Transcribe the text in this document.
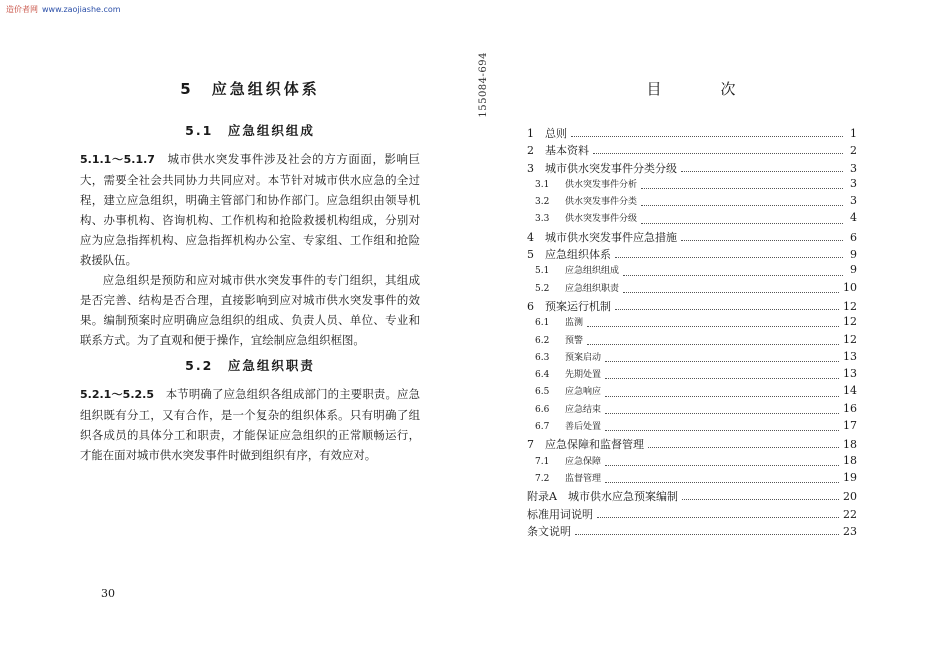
造价者网 www.zaojiashe.com
5　应急组织体系
5.1　应急组织组成

5.1.1～5.1.7　城市供水突发事件涉及社会的方方面面，影响巨大，需要全社会共同协力共同应对。本节针对城市供水应急的全过程，建立应急组织，明确主管部门和协作部门。应急组织由领导机构、办事机构、咨询机构、工作机构和抢险救援机构组成，分别对应为应急指挥机构、应急指挥机构办公室、专家组、工作组和抢险救援队伍。

应急组织是预防和应对城市供水突发事件的专门组织，其组成是否完善、结构是否合理，直接影响到应对城市供水突发事件的效果。编制预案时应明确应急组织的组成、负责人员、单位、专业和联系方式。为了直观和便于操作，宜绘制应急组织框图。

5.2　应急组织职责

5.2.1～5.2.5　本节明确了应急组织各组成部门的主要职责。应急组织既有分工，又有合作，是一个复杂的组织体系。只有明确了组织各成员的具体分工和职责，才能保证应急组织的正常顺畅运行，才能在面对城市供水突发事件时做到组织有序，有效应对。

30
155084-694	目　次
1	总则	1
2	基本资料	2
3	城市供水突发事件分类分级	3
3.1	供水突发事件分析	3
3.2	供水突发事件分类	3
3.3	供水突发事件分级	4
4	城市供水突发事件应急措施	6
5	应急组织体系	9
5.1	应急组织组成	9
5.2	应急组织职责	10
6	预案运行机制	12
6.1	监测	12
6.2	预警	12
6.3	预案启动	13
6.4	先期处置	13
6.5	应急响应	14
6.6	应急结束	16
6.7	善后处置	17
7	应急保障和监督管理	18
7.1	应急保障	18
7.2	监督管理	19
附录A　城市供水应急预案编制	20
标准用词说明	22
条文说明	23
